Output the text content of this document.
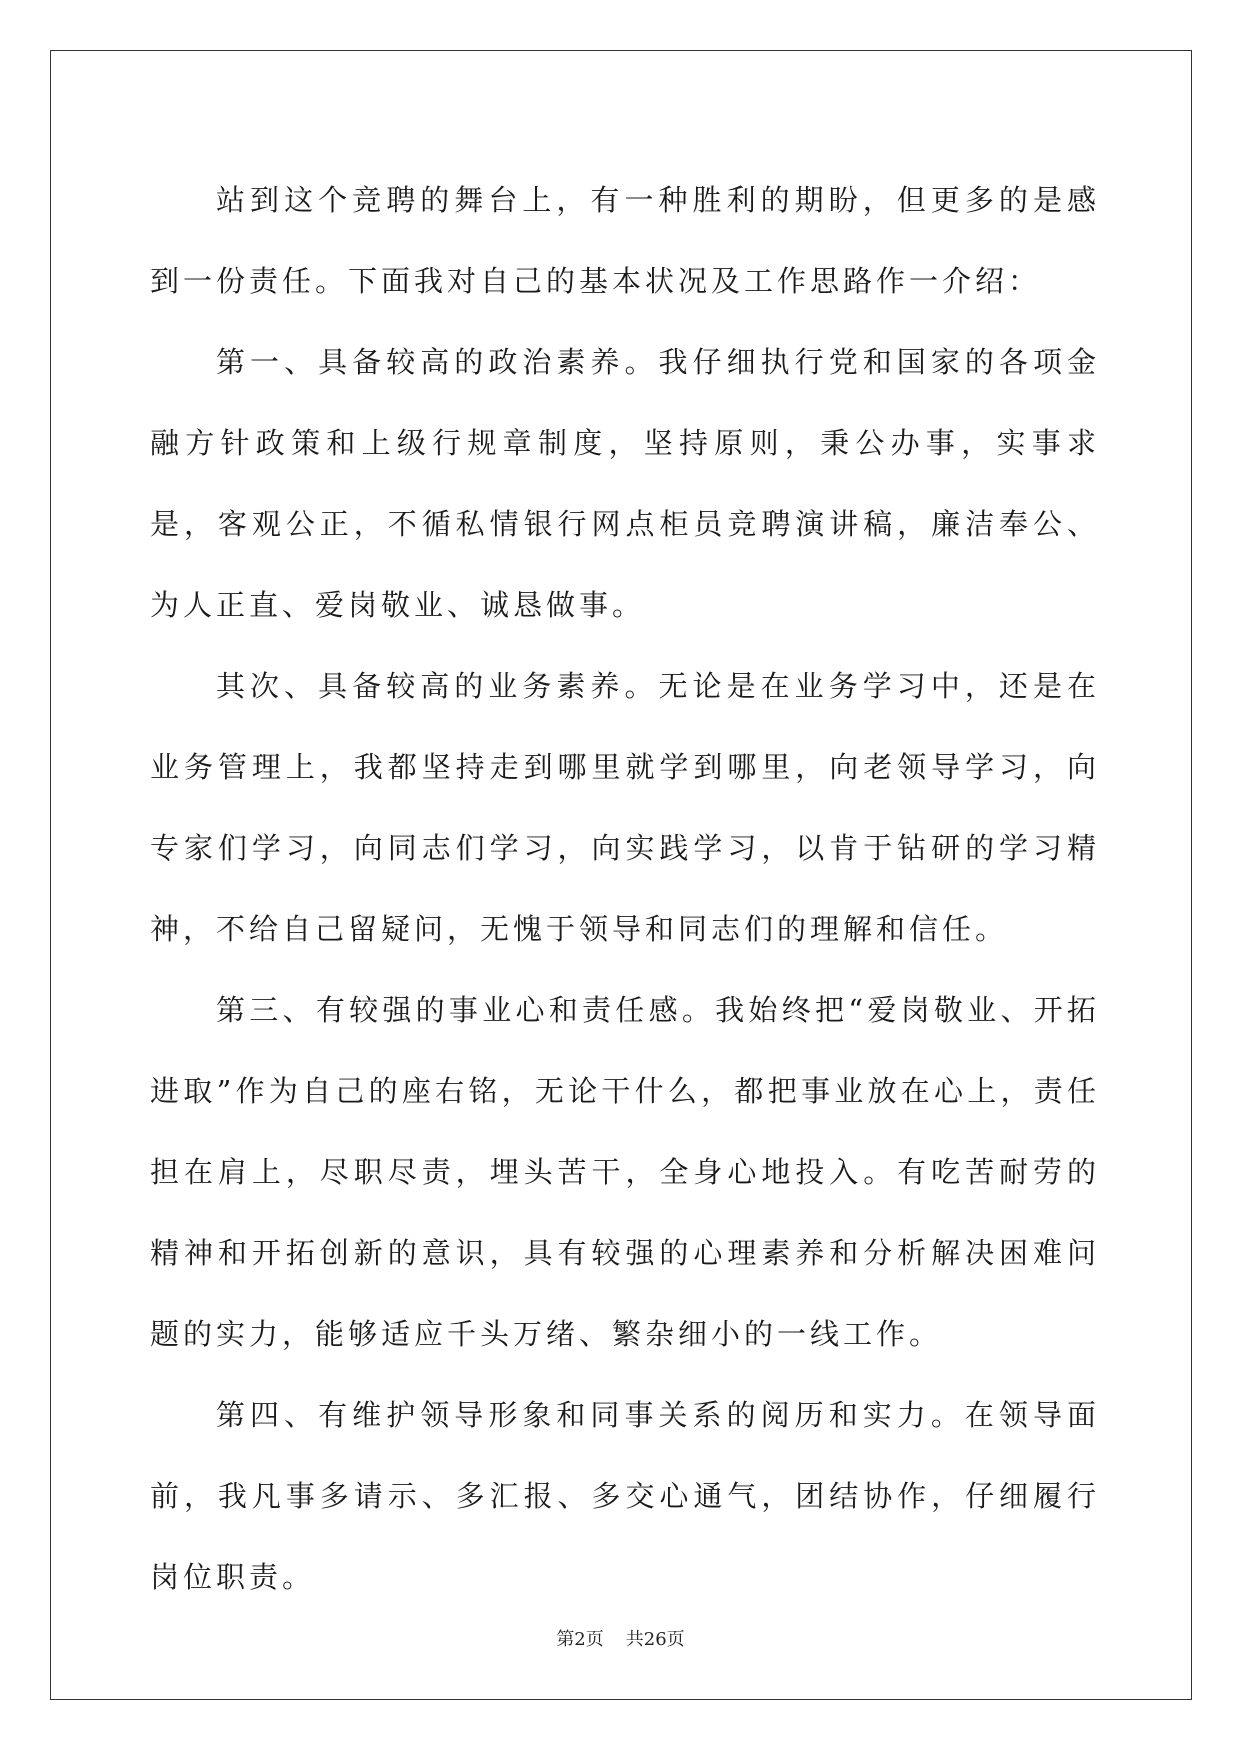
站到这个竞聘的舞台上，有一种胜利的期盼，但更多的是感到一份责任。下面我对自己的基本状况及工作思路作一介绍：

第一、具备较高的政治素养。我仔细执行党和国家的各项金融方针政策和上级行规章制度，坚持原则，秉公办事，实事求是，客观公正，不循私情银行网点柜员竞聘演讲稿，廉洁奉公、为人正直、爱岗敬业、诚恳做事。

其次、具备较高的业务素养。无论是在业务学习中，还是在业务管理上，我都坚持走到哪里就学到哪里，向老领导学习，向专家们学习，向同志们学习，向实践学习，以肯于钻研的学习精神，不给自己留疑问，无愧于领导和同志们的理解和信任。

第三、有较强的事业心和责任感。我始终把“爱岗敬业、开拓进取”作为自己的座右铭，无论干什么，都把事业放在心上，责任担在肩上，尽职尽责，埋头苦干，全身心地投入。有吃苦耐劳的精神和开拓创新的意识，具有较强的心理素养和分析解决困难问题的实力，能够适应千头万绪、繁杂细小的一线工作。

第四、有维护领导形象和同事关系的阅历和实力。在领导面前，我凡事多请示、多汇报、多交心通气，团结协作，仔细履行岗位职责。

第2页 共26页
